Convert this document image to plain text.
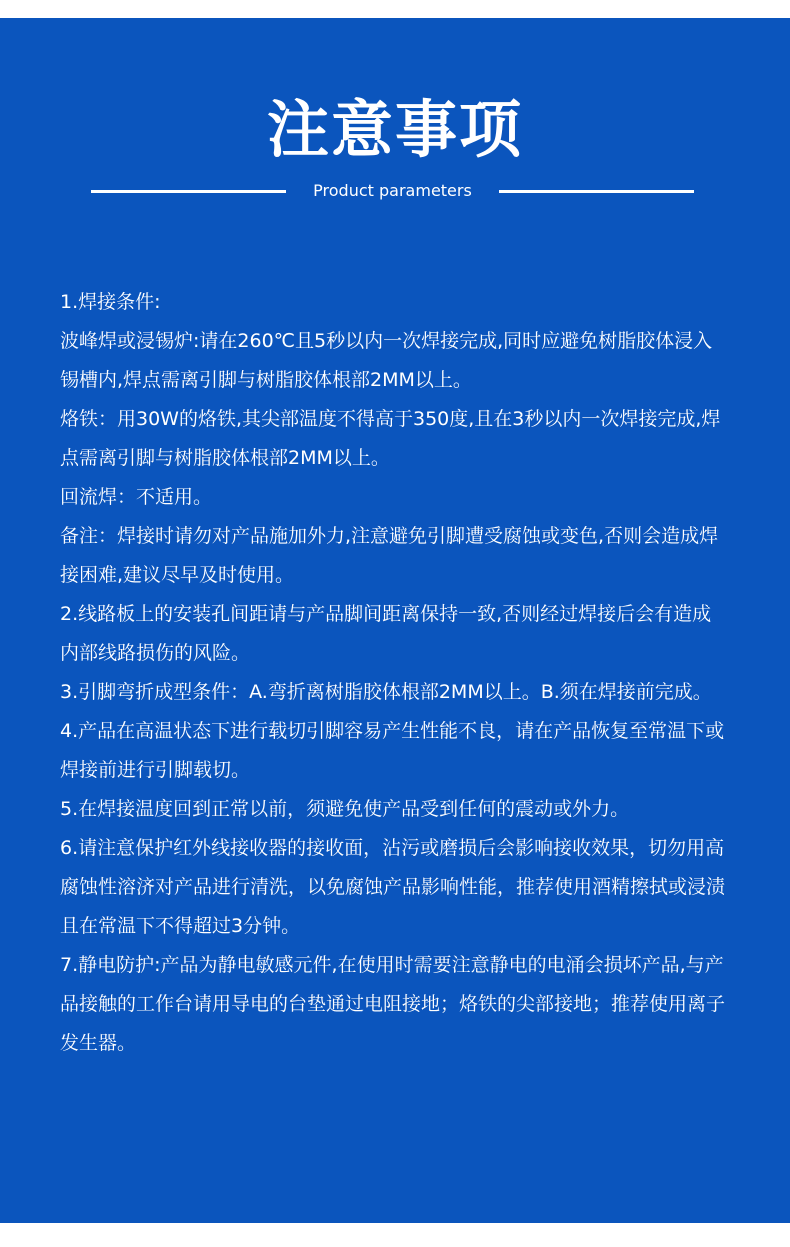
注意事项
Product parameters

1.焊接条件:

波峰焊或浸锡炉:请在260℃且5秒以内一次焊接完成,同时应避免树脂胶体浸入锡槽内,焊点需离引脚与树脂胶体根部2MM以上。

烙铁：用30W的烙铁,其尖部温度不得高于350度,且在3秒以内一次焊接完成,焊点需离引脚与树脂胶体根部2MM以上。

回流焊：不适用。

备注：焊接时请勿对产品施加外力,注意避免引脚遭受腐蚀或变色,否则会造成焊接困难,建议尽早及时使用。

2.线路板上的安装孔间距请与产品脚间距离保持一致,否则经过焊接后会有造成内部线路损伤的风险。

3.引脚弯折成型条件：A.弯折离树脂胶体根部2MM以上。B.须在焊接前完成。

4.产品在高温状态下进行载切引脚容易产生性能不良，请在产品恢复至常温下或焊接前进行引脚载切。

5.在焊接温度回到正常以前，须避免使产品受到任何的震动或外力。

6.请注意保护红外线接收器的接收面，沾污或磨损后会影响接收效果，切勿用高腐蚀性溶济对产品进行清洗，以免腐蚀产品影响性能，推荐使用酒精擦拭或浸渍且在常温下不得超过3分钟。

7.静电防护:产品为静电敏感元件,在使用时需要注意静电的电涌会损坏产品,与产品接触的工作台请用导电的台垫通过电阻接地；烙铁的尖部接地；推荐使用离子发生器。
